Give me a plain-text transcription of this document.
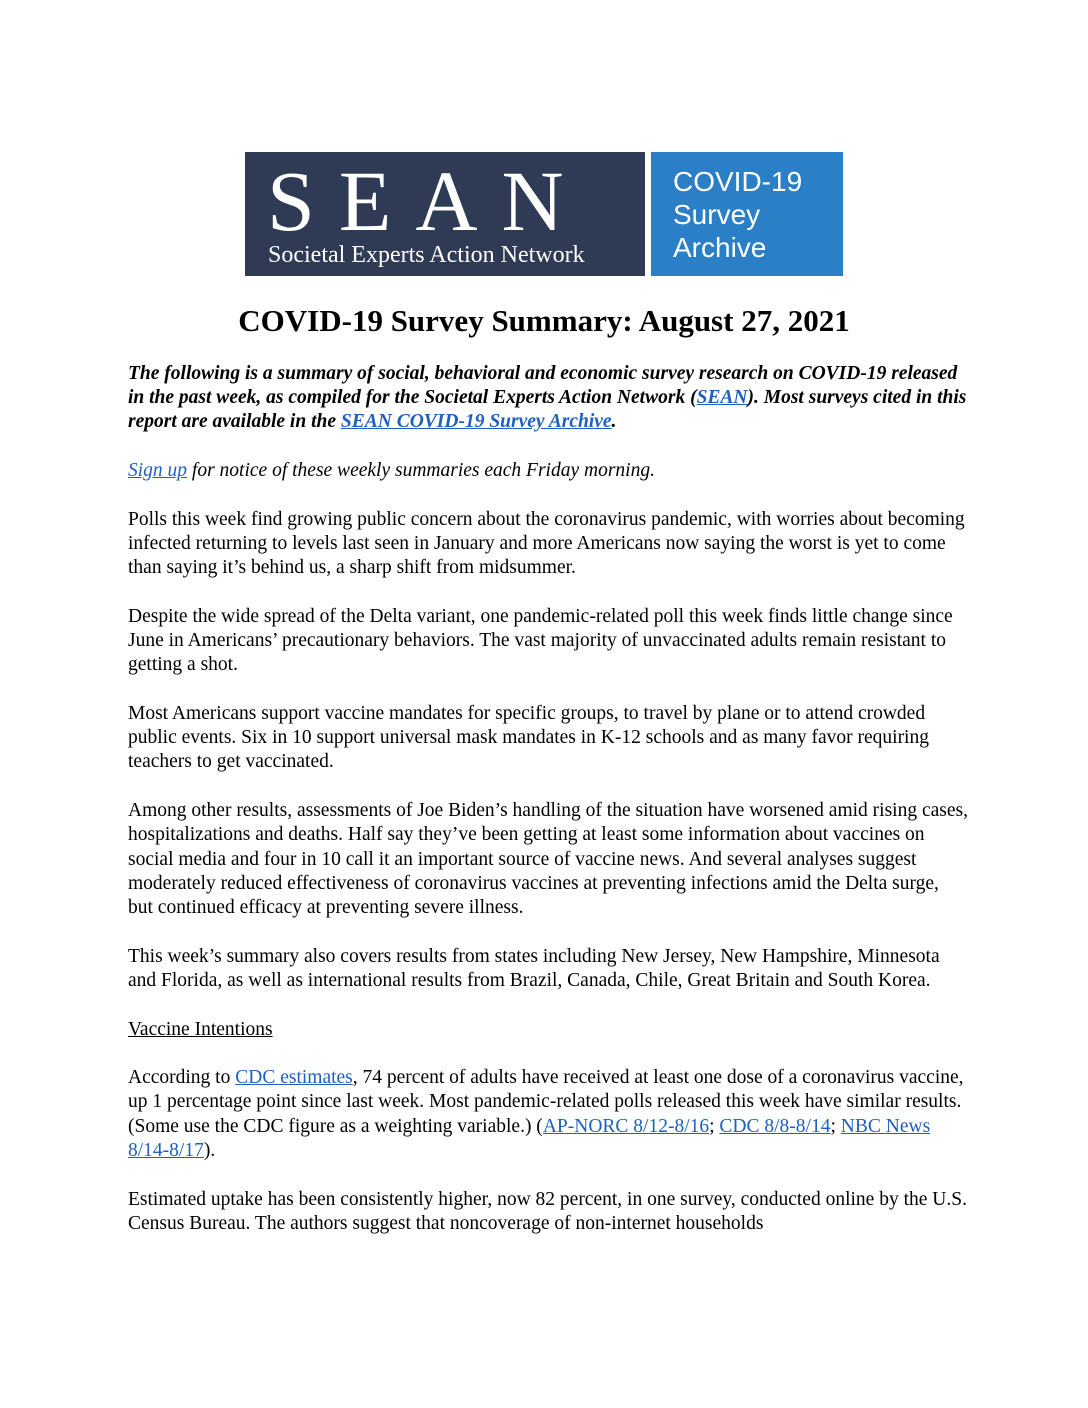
SEAN
Societal Experts Action Network
COVID-19
Survey
Archive
COVID-19 Survey Summary: August 27, 2021

The following is a summary of social, behavioral and economic survey research on COVID-19 released in the past week, as compiled for the Societal Experts Action Network (SEAN). Most surveys cited in this report are available in the SEAN COVID-19 Survey Archive.

Sign up for notice of these weekly summaries each Friday morning.

Polls this week find growing public concern about the coronavirus pandemic, with worries about becoming infected returning to levels last seen in January and more Americans now saying the worst is yet to come than saying it’s behind us, a sharp shift from midsummer.

Despite the wide spread of the Delta variant, one pandemic-related poll this week finds little change since June in Americans’ precautionary behaviors. The vast majority of unvaccinated adults remain resistant to getting a shot.

Most Americans support vaccine mandates for specific groups, to travel by plane or to attend crowded public events. Six in 10 support universal mask mandates in K-12 schools and as many favor requiring teachers to get vaccinated.

Among other results, assessments of Joe Biden’s handling of the situation have worsened amid rising cases, hospitalizations and deaths. Half say they’ve been getting at least some information about vaccines on social media and four in 10 call it an important source of vaccine news. And several analyses suggest moderately reduced effectiveness of coronavirus vaccines at preventing infections amid the Delta surge, but continued efficacy at preventing severe illness.

This week’s summary also covers results from states including New Jersey, New Hampshire, Minnesota and Florida, as well as international results from Brazil, Canada, Chile, Great Britain and South Korea.

Vaccine Intentions

According to CDC estimates, 74 percent of adults have received at least one dose of a coronavirus vaccine, up 1 percentage point since last week. Most pandemic-related polls released this week have similar results. (Some use the CDC figure as a weighting variable.) (AP-NORC 8/12-8/16; CDC 8/8-8/14; NBC News 8/14-8/17).

Estimated uptake has been consistently higher, now 82 percent, in one survey, conducted online by the U.S. Census Bureau. The authors suggest that noncoverage of non-internet households
